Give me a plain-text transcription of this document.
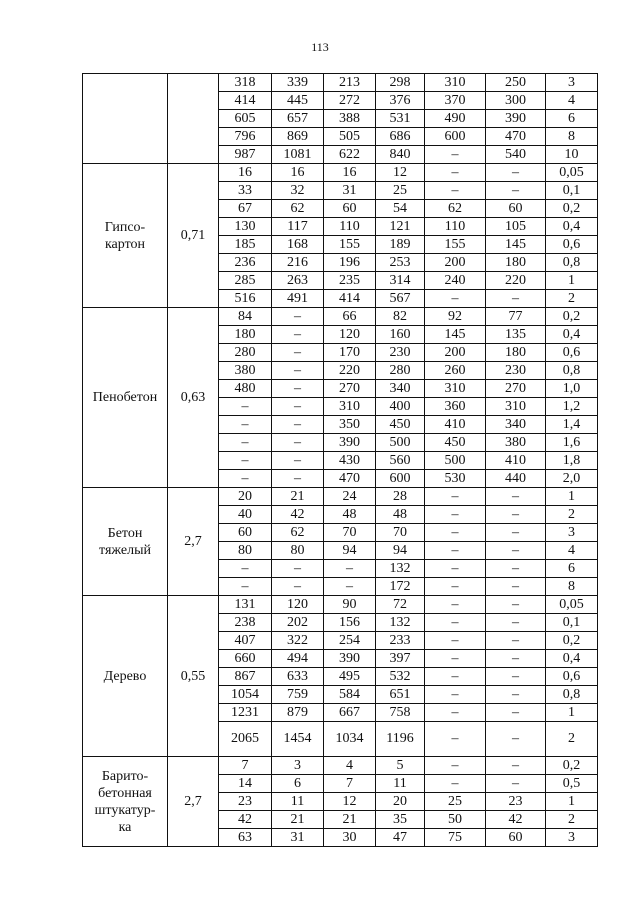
113
		318	339	213	298	310	250	3
		414	445	272	376	370	300	4
		605	657	388	531	490	390	6
		796	869	505	686	600	470	8
		987	1081	622	840	–	540	10
Гипсо-
картон	0,71	16	16	16	12	–	–	0,05
		33	32	31	25	–	–	0,1
		67	62	60	54	62	60	0,2
		130	117	110	121	110	105	0,4
		185	168	155	189	155	145	0,6
		236	216	196	253	200	180	0,8
		285	263	235	314	240	220	1
		516	491	414	567	–	–	2
Пенобетон	0,63	84	–	66	82	92	77	0,2
		180	–	120	160	145	135	0,4
		280	–	170	230	200	180	0,6
		380	–	220	280	260	230	0,8
		480	–	270	340	310	270	1,0
		–	–	310	400	360	310	1,2
		–	–	350	450	410	340	1,4
		–	–	390	500	450	380	1,6
		–	–	430	560	500	410	1,8
		–	–	470	600	530	440	2,0
Бетон
тяжелый	2,7	20	21	24	28	–	–	1
		40	42	48	48	–	–	2
		60	62	70	70	–	–	3
		80	80	94	94	–	–	4
		–	–	–	132	–	–	6
		–	–	–	172	–	–	8
Дерево	0,55	131	120	90	72	–	–	0,05
		238	202	156	132	–	–	0,1
		407	322	254	233	–	–	0,2
		660	494	390	397	–	–	0,4
		867	633	495	532	–	–	0,6
		1054	759	584	651	–	–	0,8
		1231	879	667	758	–	–	1
		2065	1454	1034	1196	–	–	2
Барито-
бетонная
штукатур-
ка	2,7	7	3	4	5	–	–	0,2
		14	6	7	11	–	–	0,5
		23	11	12	20	25	23	1
		42	21	21	35	50	42	2
		63	31	30	47	75	60	3
